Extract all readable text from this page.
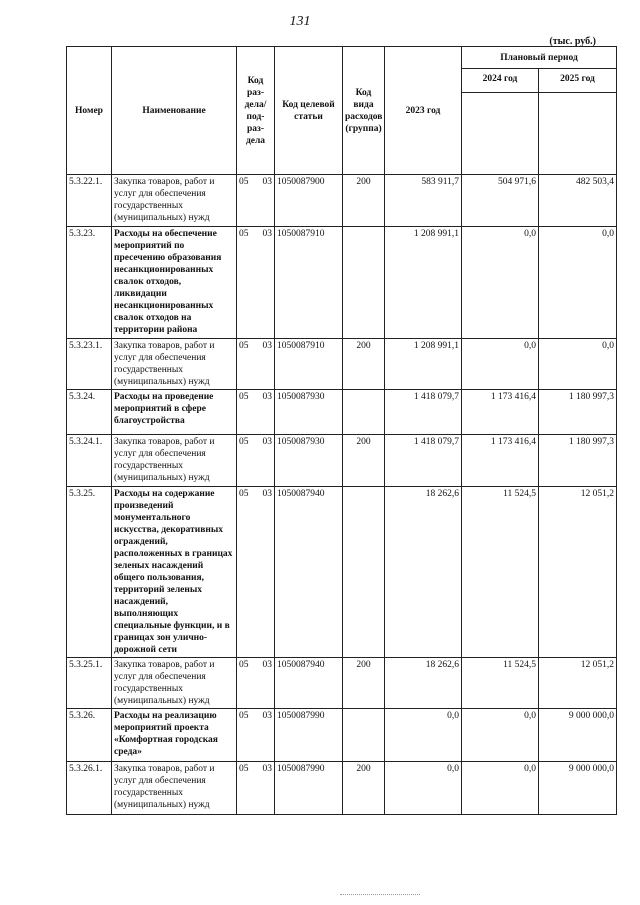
131
(тыс. руб.)
Номер	Наименование	Код раз- дела/ под- раз- дела		Код целевой статьи	Код вида расходов (группа)	2023 год	Плановый период	
							2024 год	2025 год

5.3.22.1.	Закупка товаров, работ и услуг для обеспечения государственных (муниципальных) нужд	05	03	1050087900	200	583 911,7	504 971,6	482 503,4
5.3.23.	Расходы на обеспечение мероприятий по пресечению образования несанкционированных свалок отходов, ликвидации несанкционированных свалок отходов на территории района	05	03	1050087910		1 208 991,1	0,0	0,0
5.3.23.1.	Закупка товаров, работ и услуг для обеспечения государственных (муниципальных) нужд	05	03	1050087910	200	1 208 991,1	0,0	0,0
5.3.24.	Расходы на проведение мероприятий в сфере благоустройства	05	03	1050087930		1 418 079,7	1 173 416,4	1 180 997,3
5.3.24.1.	Закупка товаров, работ и услуг для обеспечения государственных (муниципальных) нужд	05	03	1050087930	200	1 418 079,7	1 173 416,4	1 180 997,3
5.3.25.	Расходы на содержание произведений монументального искусства, декоративных ограждений, расположенных в границах зеленых насаждений общего пользования, территорий зеленых насаждений, выполняющих специальные функции, и в границах зон улично-дорожной сети	05	03	1050087940		18 262,6	11 524,5	12 051,2
5.3.25.1.	Закупка товаров, работ и услуг для обеспечения государственных (муниципальных) нужд	05	03	1050087940	200	18 262,6	11 524,5	12 051,2
5.3.26.	Расходы на реализацию мероприятий проекта «Комфортная городская среда»	05	03	1050087990		0,0	0,0	9 000 000,0
5.3.26.1.	Закупка товаров, работ и услуг для обеспечения государственных (муниципальных) нужд	05	03	1050087990	200	0,0	0,0	9 000 000,0
